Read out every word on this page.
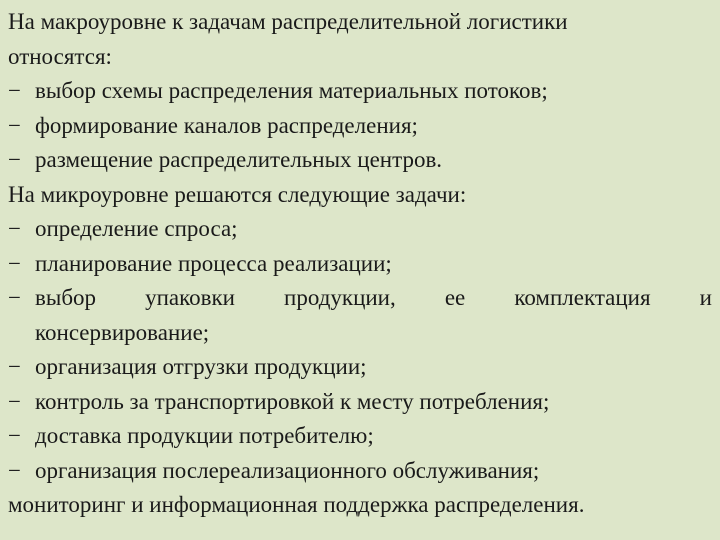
На макроуровне к задачам распределительной логистики
относятся:
− выбор схемы распределения материальных потоков;
− формирование каналов распределения;
− размещение распределительных центров.
На микроуровне решаются следующие задачи:
− определение спроса;
− планирование процесса реализации;
− выбор упаковки продукции, ее комплектация и
консервирование;
− организация отгрузки продукции;
− контроль за транспортировкой к месту потребления;
− доставка продукции потребителю;
− организация послереализационного обслуживания;
мониторинг и информационная поддержка распределения.
